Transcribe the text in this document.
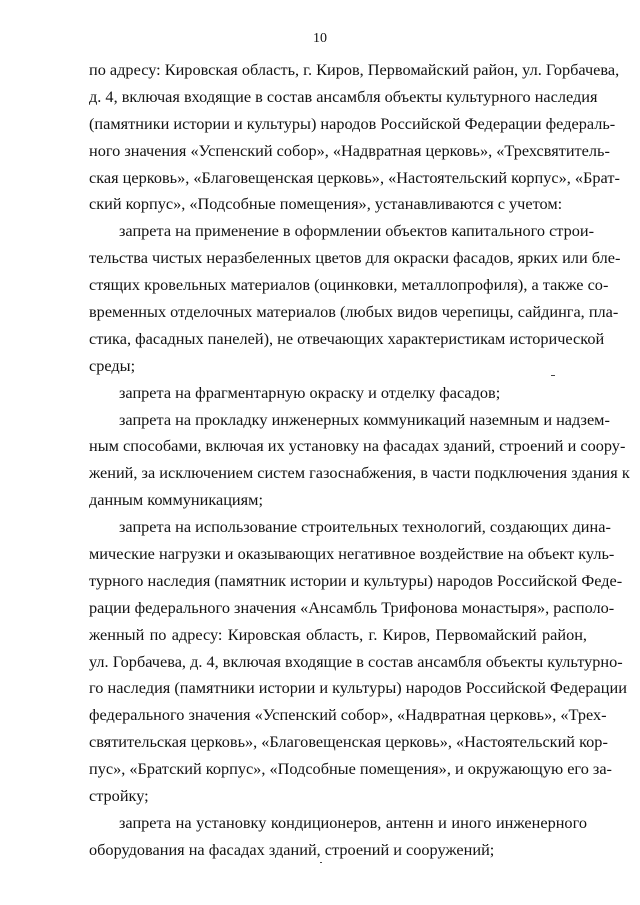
10
по адресу: Кировская область, г. Киров, Первомайский район, ул. Горбачева,
д. 4, включая входящие в состав ансамбля объекты культурного наследия
(памятники истории и культуры) народов Российской Федерации федераль-
ного значения «Успенский собор», «Надвратная церковь», «Трехсвятитель-
ская церковь», «Благовещенская церковь», «Настоятельский корпус», «Брат-
ский корпус», «Подсобные помещения», устанавливаются с учетом:
запрета на применение в оформлении объектов капитального строи-
тельства чистых неразбеленных цветов для окраски фасадов, ярких или бле-
стящих кровельных материалов (оцинковки, металлопрофиля), а также со-
временных отделочных материалов (любых видов черепицы, сайдинга, пла-
стика, фасадных панелей), не отвечающих характеристикам исторической
среды;
запрета на фрагментарную окраску и отделку фасадов;
запрета на прокладку инженерных коммуникаций наземным и надзем-
ным способами, включая их установку на фасадах зданий, строений и соору-
жений, за исключением систем газоснабжения, в части подключения здания к
данным коммуникациям;
запрета на использование строительных технологий, создающих дина-
мические нагрузки и оказывающих негативное воздействие на объект куль-
турного наследия (памятник истории и культуры) народов Российской Феде-
рации федерального значения «Ансамбль Трифонова монастыря», располо-
женный по адресу: Кировская область, г. Киров, Первомайский район,
ул. Горбачева, д. 4, включая входящие в состав ансамбля объекты культурно-
го наследия (памятники истории и культуры) народов Российской Федерации
федерального значения «Успенский собор», «Надвратная церковь», «Трех-
святительская церковь», «Благовещенская церковь», «Настоятельский кор-
пус», «Братский корпус», «Подсобные помещения», и окружающую его за-
стройку;
запрета на установку кондиционеров, антенн и иного инженерного
оборудования на фасадах зданий, строений и сооружений;
